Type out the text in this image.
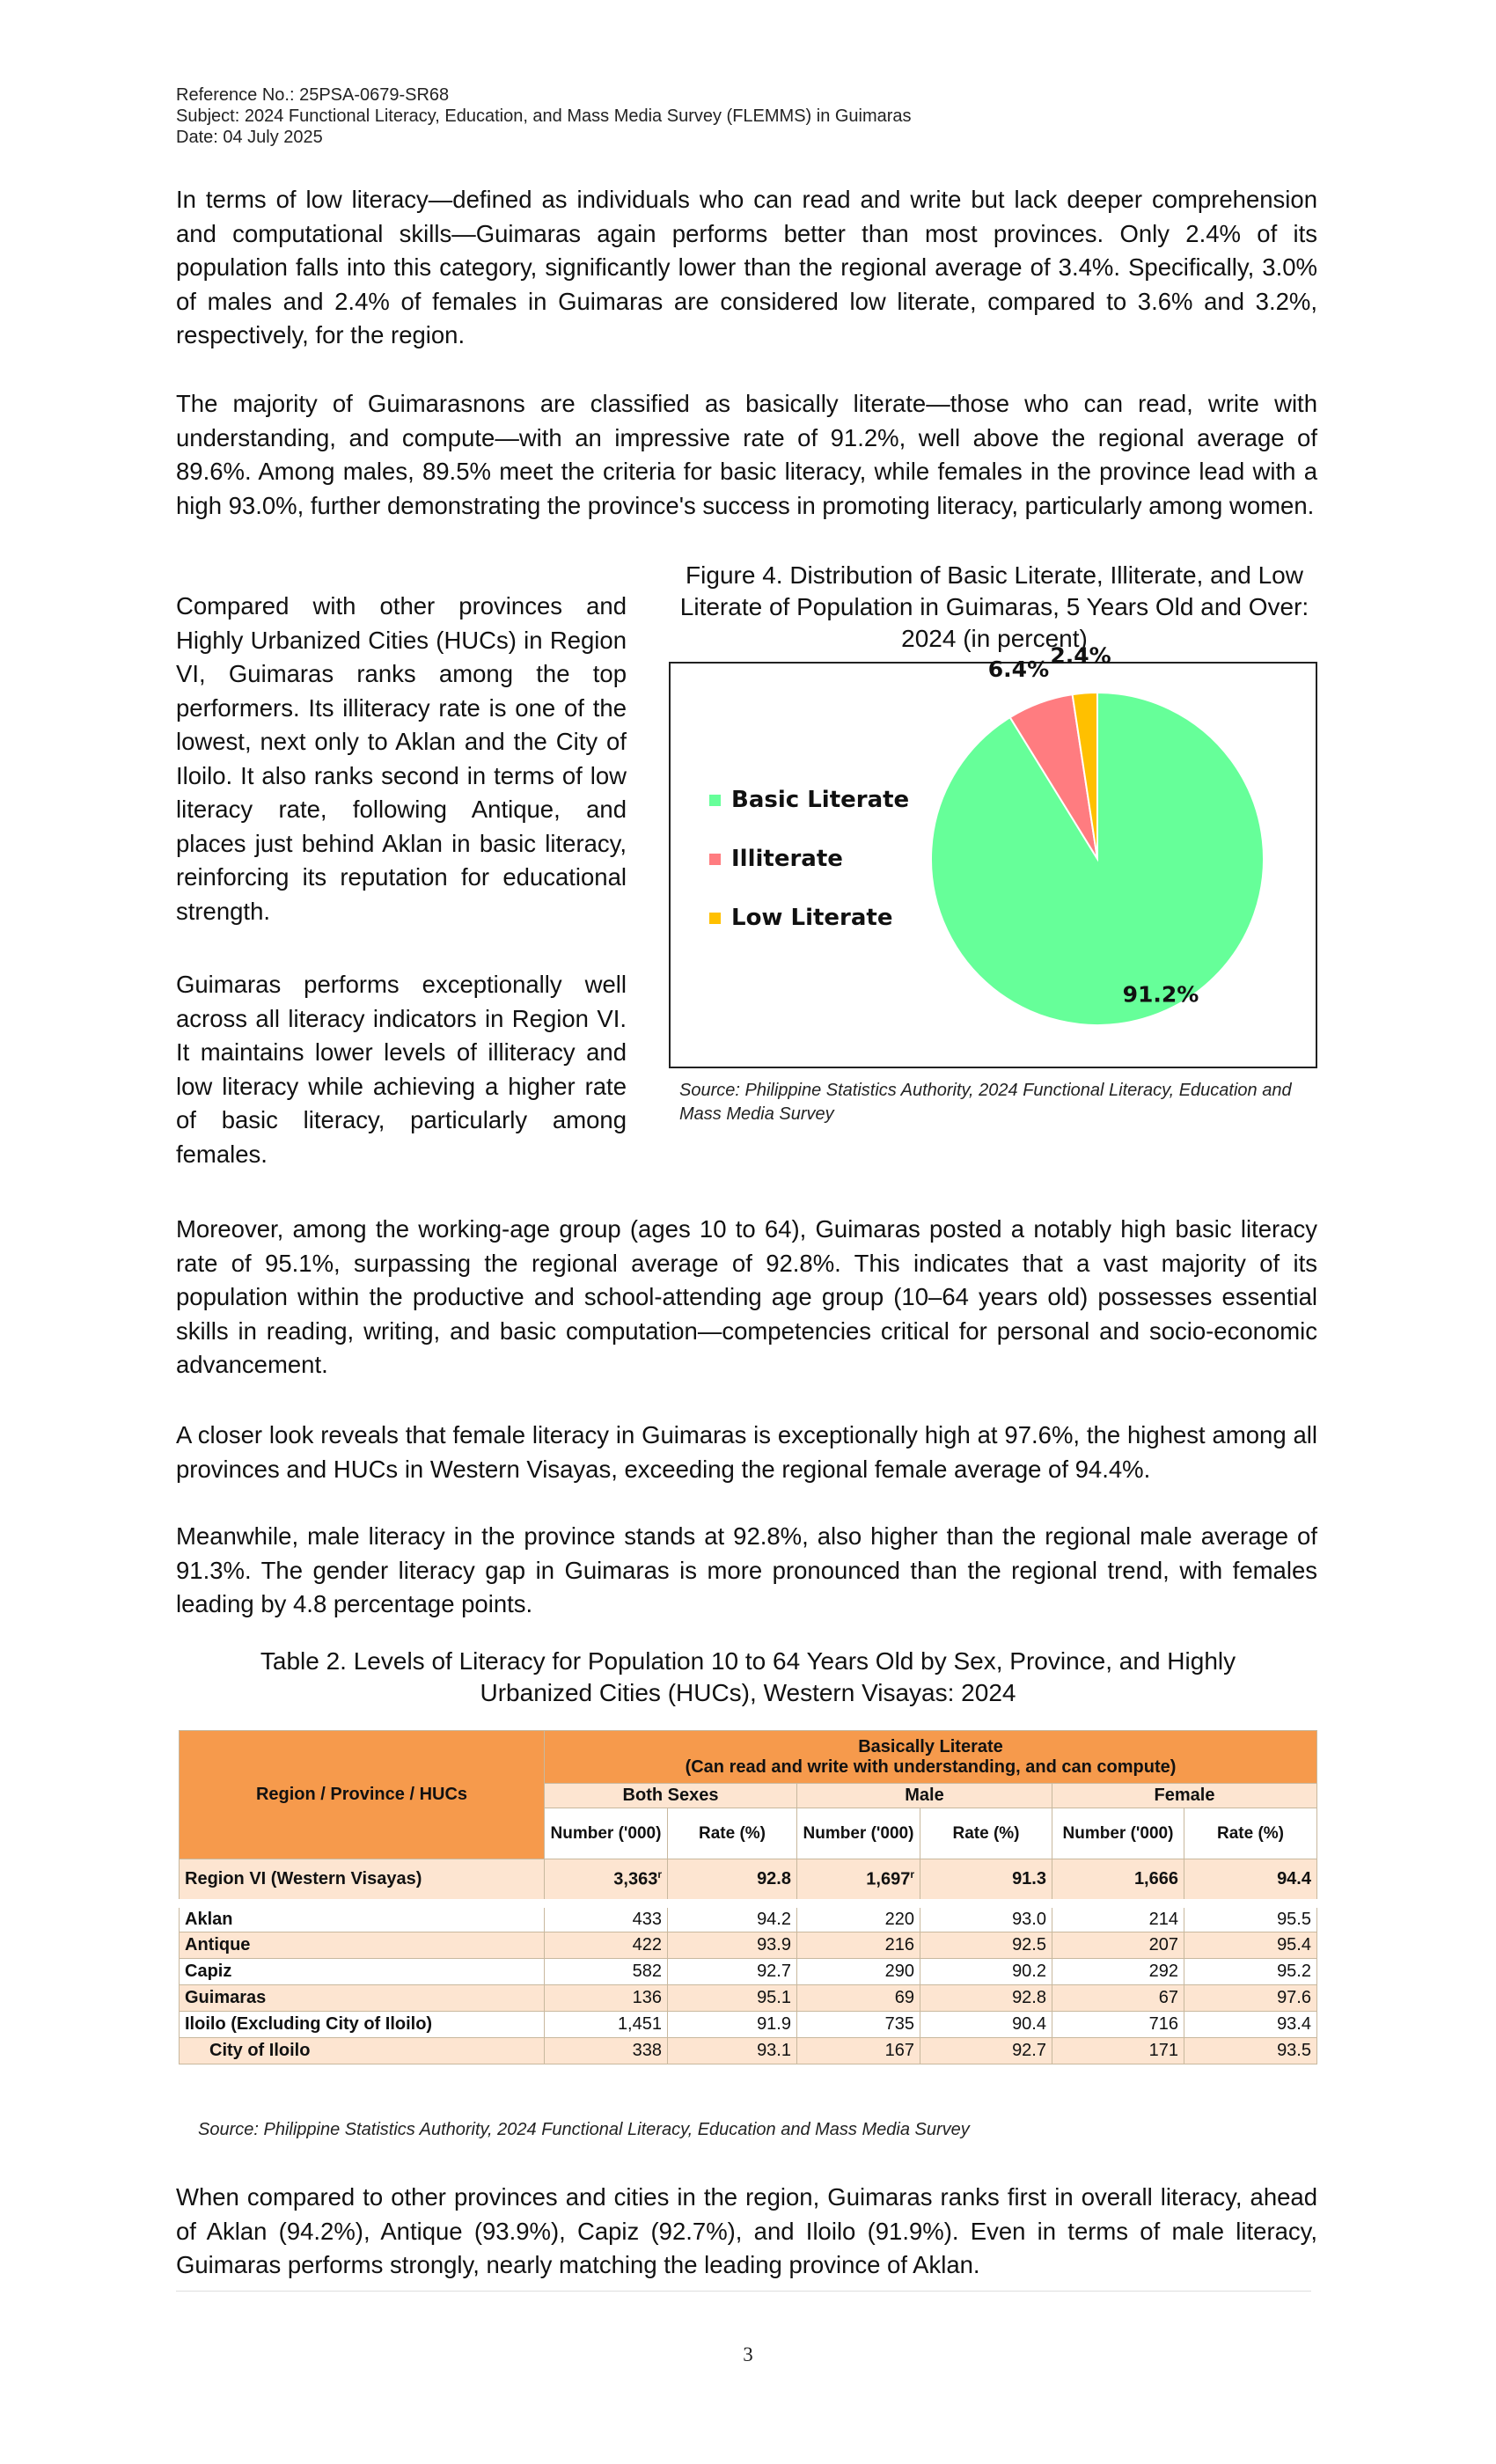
Reference No.: 25PSA-0679-SR68
Subject: 2024 Functional Literacy, Education, and Mass Media Survey (FLEMMS) in Guimaras
Date: 04 July 2025

In terms of low literacy—defined as individuals who can read and write but lack deeper comprehension and computational skills—Guimaras again performs better than most provinces. Only 2.4% of its population falls into this category, significantly lower than the regional average of 3.4%. Specifically, 3.0% of males and 2.4% of females in Guimaras are considered low literate, compared to 3.6% and 3.2%, respectively, for the region.

The majority of Guimarasnons are classified as basically literate—those who can read, write with understanding, and compute—with an impressive rate of 91.2%, well above the regional average of 89.6%. Among males, 89.5% meet the criteria for basic literacy, while females in the province lead with a high 93.0%, further demonstrating the province's success in promoting literacy, particularly among women.

Compared with other provinces and Highly Urbanized Cities (HUCs) in Region VI, Guimaras ranks among the top performers. Its illiteracy rate is one of the lowest, next only to Aklan and the City of Iloilo. It also ranks second in terms of low literacy rate, following Antique, and places just behind Aklan in basic literacy, reinforcing its reputation for educational strength.

Guimaras performs exceptionally well across all literacy indicators in Region VI. It maintains lower levels of illiteracy and low literacy while achieving a higher rate of basic literacy, particularly among females.

Figure 4. Distribution of Basic Literate, Illiterate, and Low Literate of Population in Guimaras, 5 Years Old and Over: 2024 (in percent)
91.2%
6.4%
2.4%
Basic Literate
Illiterate
Low Literate
Source: Philippine Statistics Authority, 2024 Functional Literacy, Education and Mass Media Survey

Moreover, among the working-age group (ages 10 to 64), Guimaras posted a notably high basic literacy rate of 95.1%, surpassing the regional average of 92.8%. This indicates that a vast majority of its population within the productive and school-attending age group (10–64 years old) possesses essential skills in reading, writing, and basic computation—competencies critical for personal and socio-economic advancement.

A closer look reveals that female literacy in Guimaras is exceptionally high at 97.6%, the highest among all provinces and HUCs in Western Visayas, exceeding the regional female average of 94.4%.

Meanwhile, male literacy in the province stands at 92.8%, also higher than the regional male average of 91.3%. The gender literacy gap in Guimaras is more pronounced than the regional trend, with females leading by 4.8 percentage points.

Table 2. Levels of Literacy for Population 10 to 64 Years Old by Sex, Province, and Highly Urbanized Cities (HUCs), Western Visayas: 2024
Region / Province / HUCs	Basically Literate
(Can read and write with understanding, and can compute)					

	Both Sexes		Male		Female	
	Number ('000)	Rate (%)	Number ('000)	Rate (%)	Number ('000)	Rate (%)
Region VI (Western Visayas)	3,363$^r$	92.8	1,697$^r$	91.3	1,666	94.4
Aklan	433	94.2	220	93.0	214	95.5
Antique	422	93.9	216	92.5	207	95.4
Capiz	582	92.7	290	90.2	292	95.2
Guimaras	136	95.1	69	92.8	67	97.6
Iloilo (Excluding City of Iloilo)	1,451	91.9	735	90.4	716	93.4
City of Iloilo	338	93.1	167	92.7	171	93.5
Source: Philippine Statistics Authority, 2024 Functional Literacy, Education and Mass Media Survey

When compared to other provinces and cities in the region, Guimaras ranks first in overall literacy, ahead of Aklan (94.2%), Antique (93.9%), Capiz (92.7%), and Iloilo (91.9%). Even in terms of male literacy, Guimaras performs strongly, nearly matching the leading province of Aklan.

3
